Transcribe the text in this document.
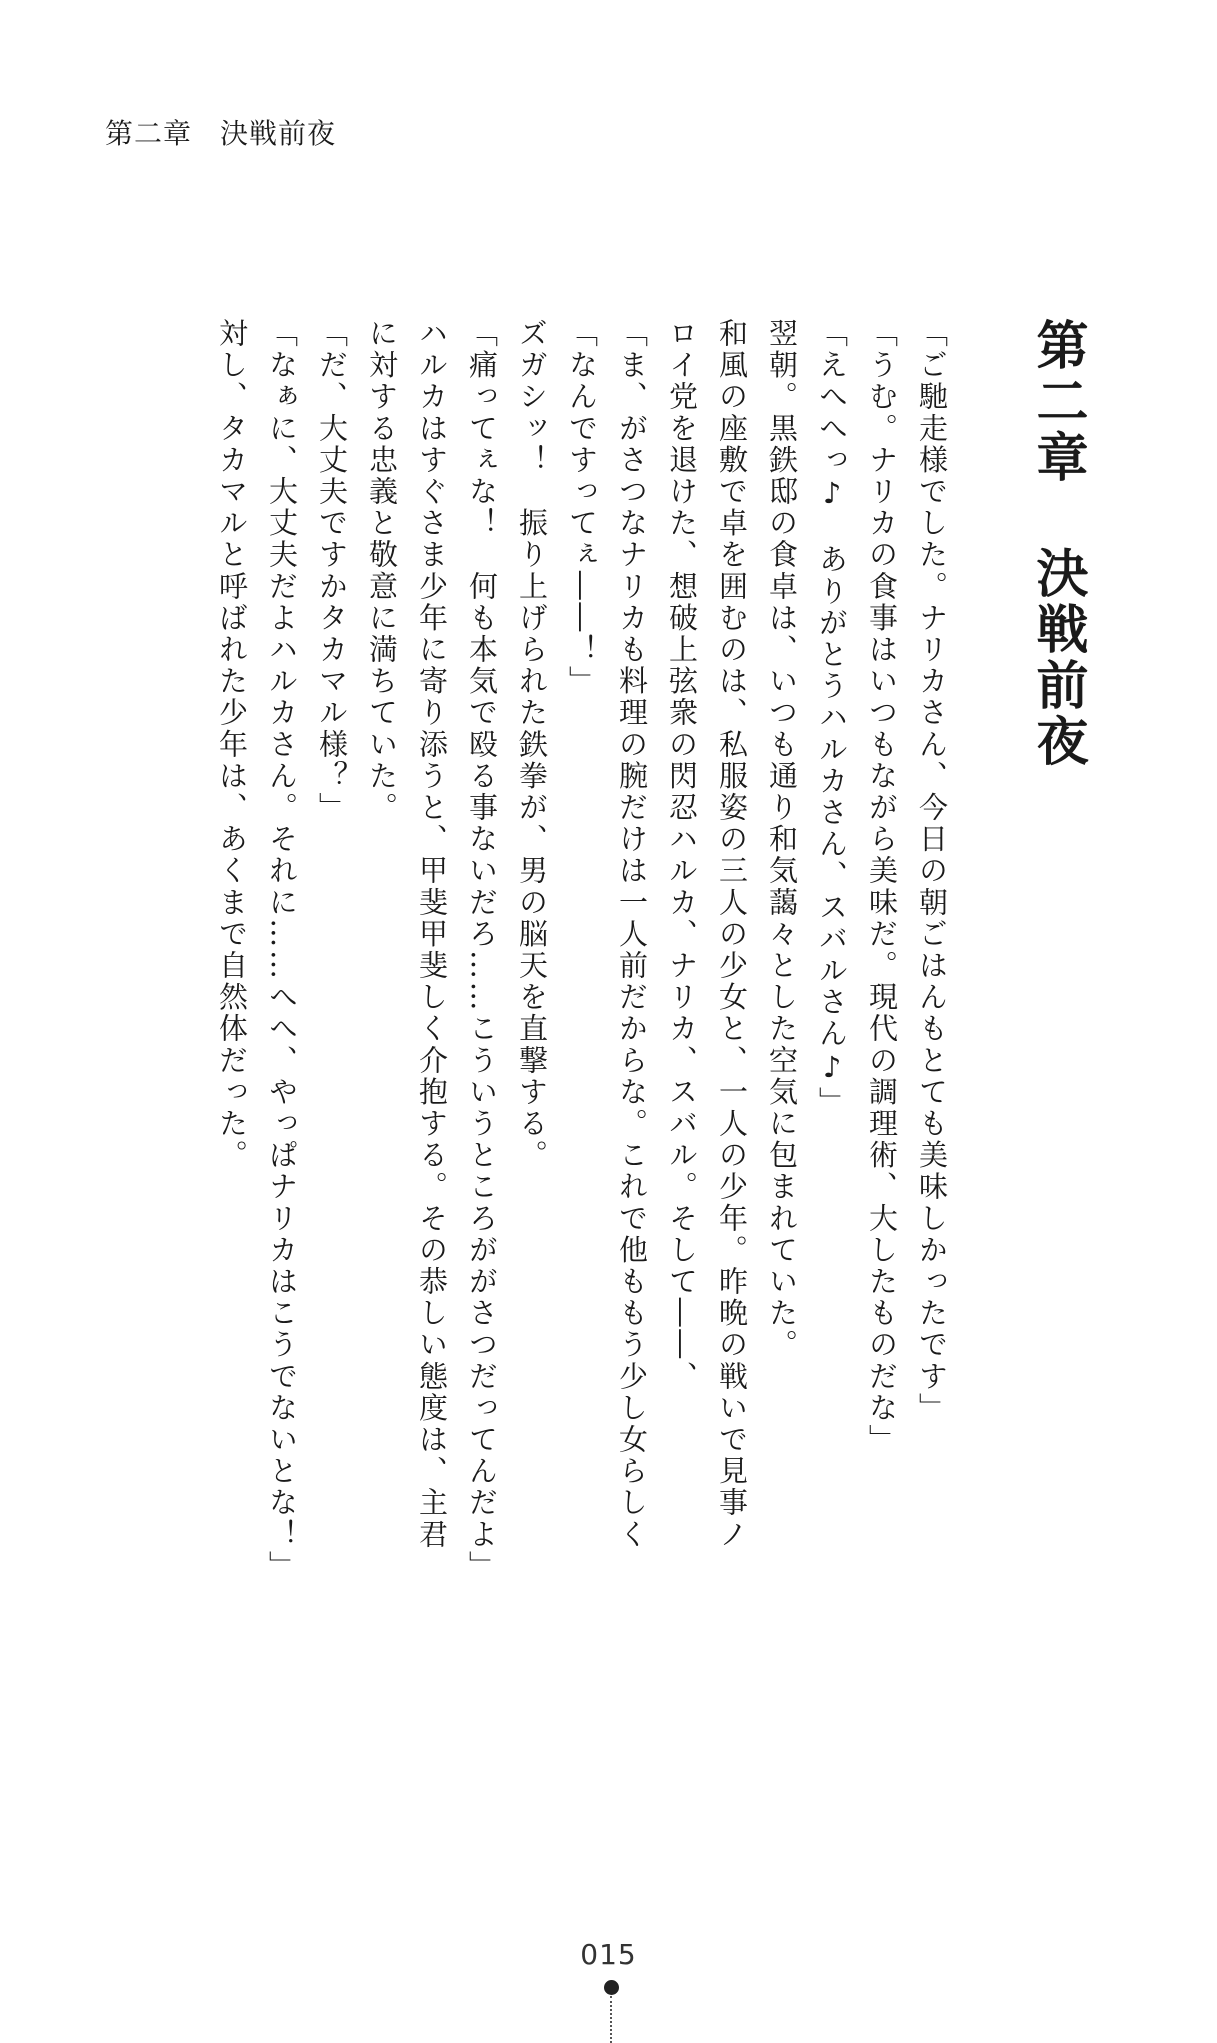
第二章 決戦前夜
第二章決戦前夜
「ご馳走様でした。ナリカさん、今日の朝ごはんもとても美味しかったです」
「うむ。ナリカの食事はいつもながら美味だ。現代の調理術、大したものだな」
「えへへっ♪　ありがとうハルカさん、スバルさん♪」
翌朝。黒鉄邸の食卓は、いつも通り和気藹々とした空気に包まれていた。
和風の座敷で卓を囲むのは、私服姿の三人の少女と、一人の少年。昨晩の戦いで見事ノ
ロイ党を退けた、想破上弦衆の閃忍ハルカ、ナリカ、スバル。そして――、
「ま、がさつなナリカも料理の腕だけは一人前だからな。これで他ももう少し女らしく
「なんですってぇ――！」
ズガシッ！　振り上げられた鉄拳が、男の脳天を直撃する。
「痛ってぇな！　何も本気で殴る事ないだろ……こういうところががさつだってんだよ」
ハルカはすぐさま少年に寄り添うと、甲斐甲斐しく介抱する。その恭しい態度は、主君
に対する忠義と敬意に満ちていた。
「だ、大丈夫ですかタカマル様？」
「なぁに、大丈夫だよハルカさん。それに……へへ、やっぱナリカはこうでないとな！」
対し、タカマルと呼ばれた少年は、あくまで自然体だった。
015
